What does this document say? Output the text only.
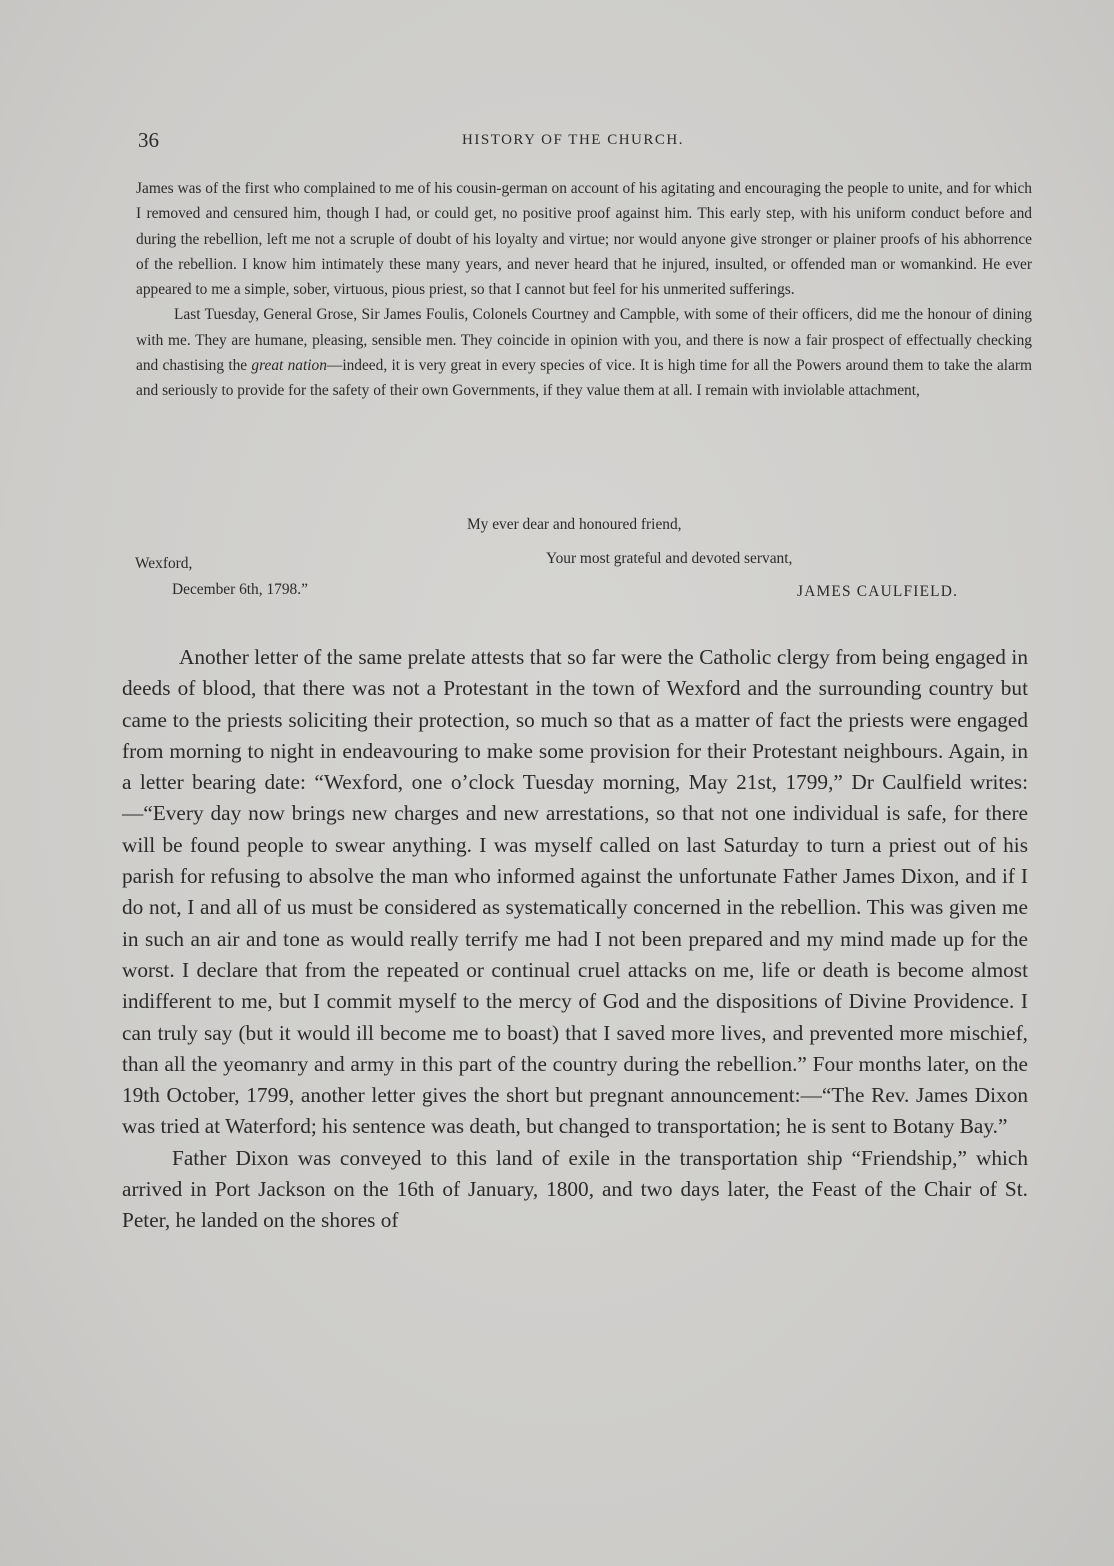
36	HISTORY OF THE CHURCH.

James was of the first who complained to me of his cousin-german on account of his agitating and encouraging the people to unite, and for which I removed and censured him, though I had, or could get, no positive proof against him. This early step, with his uniform conduct before and during the rebellion, left me not a scruple of doubt of his loyalty and virtue; nor would anyone give stronger or plainer proofs of his abhorrence of the rebellion. I know him intimately these many years, and never heard that he injured, insulted, or offended man or womankind. He ever appeared to me a simple, sober, virtuous, pious priest, so that I cannot but feel for his unmerited sufferings.

Last Tuesday, General Grose, Sir James Foulis, Colonels Courtney and Campble, with some of their officers, did me the honour of dining with me. They are humane, pleasing, sensible men. They coincide in opinion with you, and there is now a fair prospect of effectually checking and chastising the great nation—indeed, it is very great in every species of vice. It is high time for all the Powers around them to take the alarm and seriously to provide for the safety of their own Governments, if they value them at all. I remain with inviolable attachment,

My ever dear and honoured friend,
Wexford,	Your most grateful and devoted servant,
December 6th, 1798.”	JAMES CAULFIELD.

Another letter of the same prelate attests that so far were the Catholic clergy from being engaged in deeds of blood, that there was not a Protestant in the town of Wexford and the surrounding country but came to the priests soliciting their protection, so much so that as a matter of fact the priests were engaged from morning to night in endeavouring to make some provision for their Protestant neighbours. Again, in a letter bearing date: “Wexford, one o’clock Tuesday morning, May 21st, 1799,” Dr Caulfield writes:—“Every day now brings new charges and new arrestations, so that not one individual is safe, for there will be found people to swear anything. I was myself called on last Saturday to turn a priest out of his parish for refusing to absolve the man who informed against the unfortunate Father James Dixon, and if I do not, I and all of us must be considered as systematically concerned in the rebellion. This was given me in such an air and tone as would really terrify me had I not been prepared and my mind made up for the worst. I declare that from the repeated or continual cruel attacks on me, life or death is become almost indifferent to me, but I commit myself to the mercy of God and the dispositions of Divine Providence. I can truly say (but it would ill become me to boast) that I saved more lives, and prevented more mischief, than all the yeomanry and army in this part of the country during the rebellion.” Four months later, on the 19th October, 1799, another letter gives the short but pregnant announcement:—“The Rev. James Dixon was tried at Waterford; his sentence was death, but changed to transportation; he is sent to Botany Bay.”

Father Dixon was conveyed to this land of exile in the transportation ship “Friendship,” which arrived in Port Jackson on the 16th of January, 1800, and two days later, the Feast of the Chair of St. Peter, he landed on the shores of
